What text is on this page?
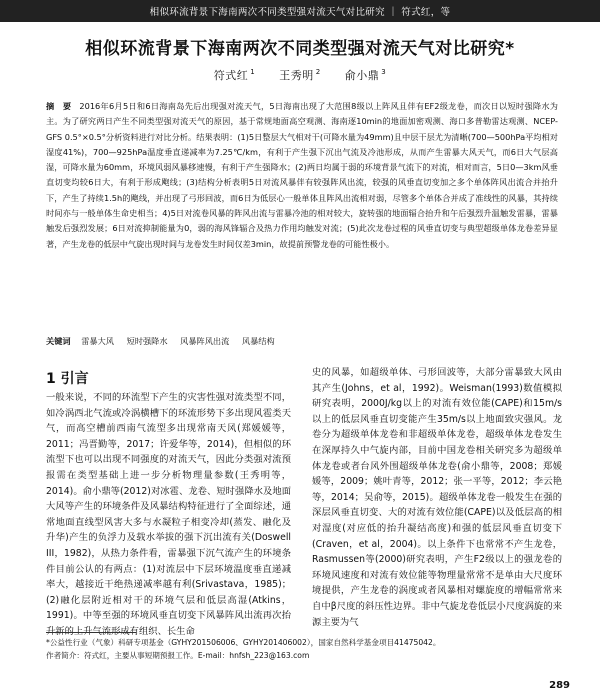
相似环流背景下海南两次不同类型强对流天气对比研究 ｜ 符式红，等
相似环流背景下海南两次不同类型强对流天气对比研究*
符式红 $^1$ 王秀明 $^2$ 俞小鼎 $^3$
摘　要 2016年6月5日和6日海南岛先后出现强对流天气，5日海南出现了大范围8级以上阵风且伴有EF2级龙卷，而次日以短时强降水为主。为了研究两日产生不同类型强对流天气的原因，基于常规地面高空观测、海南逐10min的地面加密观测、海口多普勒雷达观测、NCEP-GFS 0.5°×0.5°分析资料进行对比分析。结果表明：(1)5日整层大气相对干(可降水量为49mm)且中层干层尤为清晰(700—500hPa平均相对湿度41%)，700—925hPa温度垂直递减率为7.25℃/km，有利于产生强下沉出气流及冷池形成，从而产生雷暴大风天气，而6日大气层高湿，可降水量为60mm，环境风弱风暴移速慢，有利于产生强降水；(2)两日均属于弱的环境背景气流下的对流，相对而言，5日0—3km风垂直切变均较6日大，有利于形成飑线；(3)结构分析表明5日对流风暴伴有较强阵风出流，较强的风垂直切变加之多个单体阵风出流合并抬升下，产生了持续1.5h的飑线，并出现了弓形回波，而6日为低层心一般单体且阵风出流相对弱，尽管多个单体合并成了准线性的风暴，其持续时间亦与一般单体生命史相当；4)5日对流卷风暴的阵风出流与雷暴冷池的相对较大，旋转强的地面辐合抬升和午后强烈升温触发雷暴，雷暴触发后强烈发展；6日对流抑制能量为0，弱的海风锋辐合及热力作用均触发对流；(5)此次龙卷过程的风垂直切变与典型超级单体龙卷差异显著，产生龙卷的低层中气旋出现时间与龙卷发生时间仅差3min，故提前预警龙卷的可能性极小。
关键词 雷暴大风 短时强降水 风暴阵风出流 风暴结构
1 引言
一般来说，不同的环流型下产生的灾害性强对流类型不同，如冷涡西北气流或冷涡横槽下的环流形势下多出现风雹类天气，而高空槽前西南气流型多出现常南天风(郑媛媛等，2011；冯晋勤等，2017；许爱华等，2014)，但相似的环流型下也可以出现不同强度的对流天气，因此分类强对流预报需在类型基础上进一步分析物理量参数(王秀明等，2014)。俞小鼎等(2012)对冰雹、龙卷、短时强降水及地面大风等产生的环境条件及风暴结构特征进行了全面综述，通常地面直线型风害大多与水凝粒子相变冷却(蒸发、融化及升华)产生的负浮力及载水举拔的强下沉出流有关(Doswell III，1982)，从热力条件看，雷暴强下沉气流产生的环境条件目前公认的有两点：(1)对流层中下层环境温度垂直递减率大，越接近干绝热递减率越有利(Srivastava，1985)；(2)融化层附近相对干的环境气层和低层高湿(Atkins，1991)。中等至强的环境风垂直切变下风暴阵风出流再次抬升新的上升气流形成有组织、长生命
史的风暴，如超级单体、弓形回波等，大部分雷暴致大风由其产生(Johns，et al，1992)。Weisman(1993)数值模拟研究表明，2000J/kg以上的对流有效位能(CAPE)和15m/s以上的低层风垂直切变能产生35m/s以上地面致灾强风。龙卷分为超级单体龙卷和非超级单体龙卷，超级单体龙卷发生在深厚持久中气旋内部，目前中国龙卷相关研究多为超级单体龙卷或者台风外围超级单体龙卷(俞小鼎等，2008；郑媛媛等，2009；姚叶青等，2012；张一平等，2012；李云艳等，2014；吴俞等，2015)。超级单体龙卷一般发生在强的深层风垂直切变、大的对流有效位能(CAPE)以及低层高的相对湿度(对应低的抬升凝结高度)和强的低层风垂直切变下(Craven，et al，2004)。以上条件下也常常不产生龙卷，Rasmussen等(2000)研究表明，产生F2级以上的强龙卷的环境风速度和对流有效位能等物理量常常不是单由大尺度环境提供，产生龙卷的涡度或者风暴相对螺旋度的增幅常常来自中β尺度的斜压性边界。非中气旋龙卷低层小尺度涡旋的来源主要为气
*公益性行业（气象）科研专项基金（GYHY201506006、GYHY201406002），国家自然科学基金项目41475042。
作者简介：符式红，主要从事短期预报工作。E-mail：hnfsh_223@163.com
289
